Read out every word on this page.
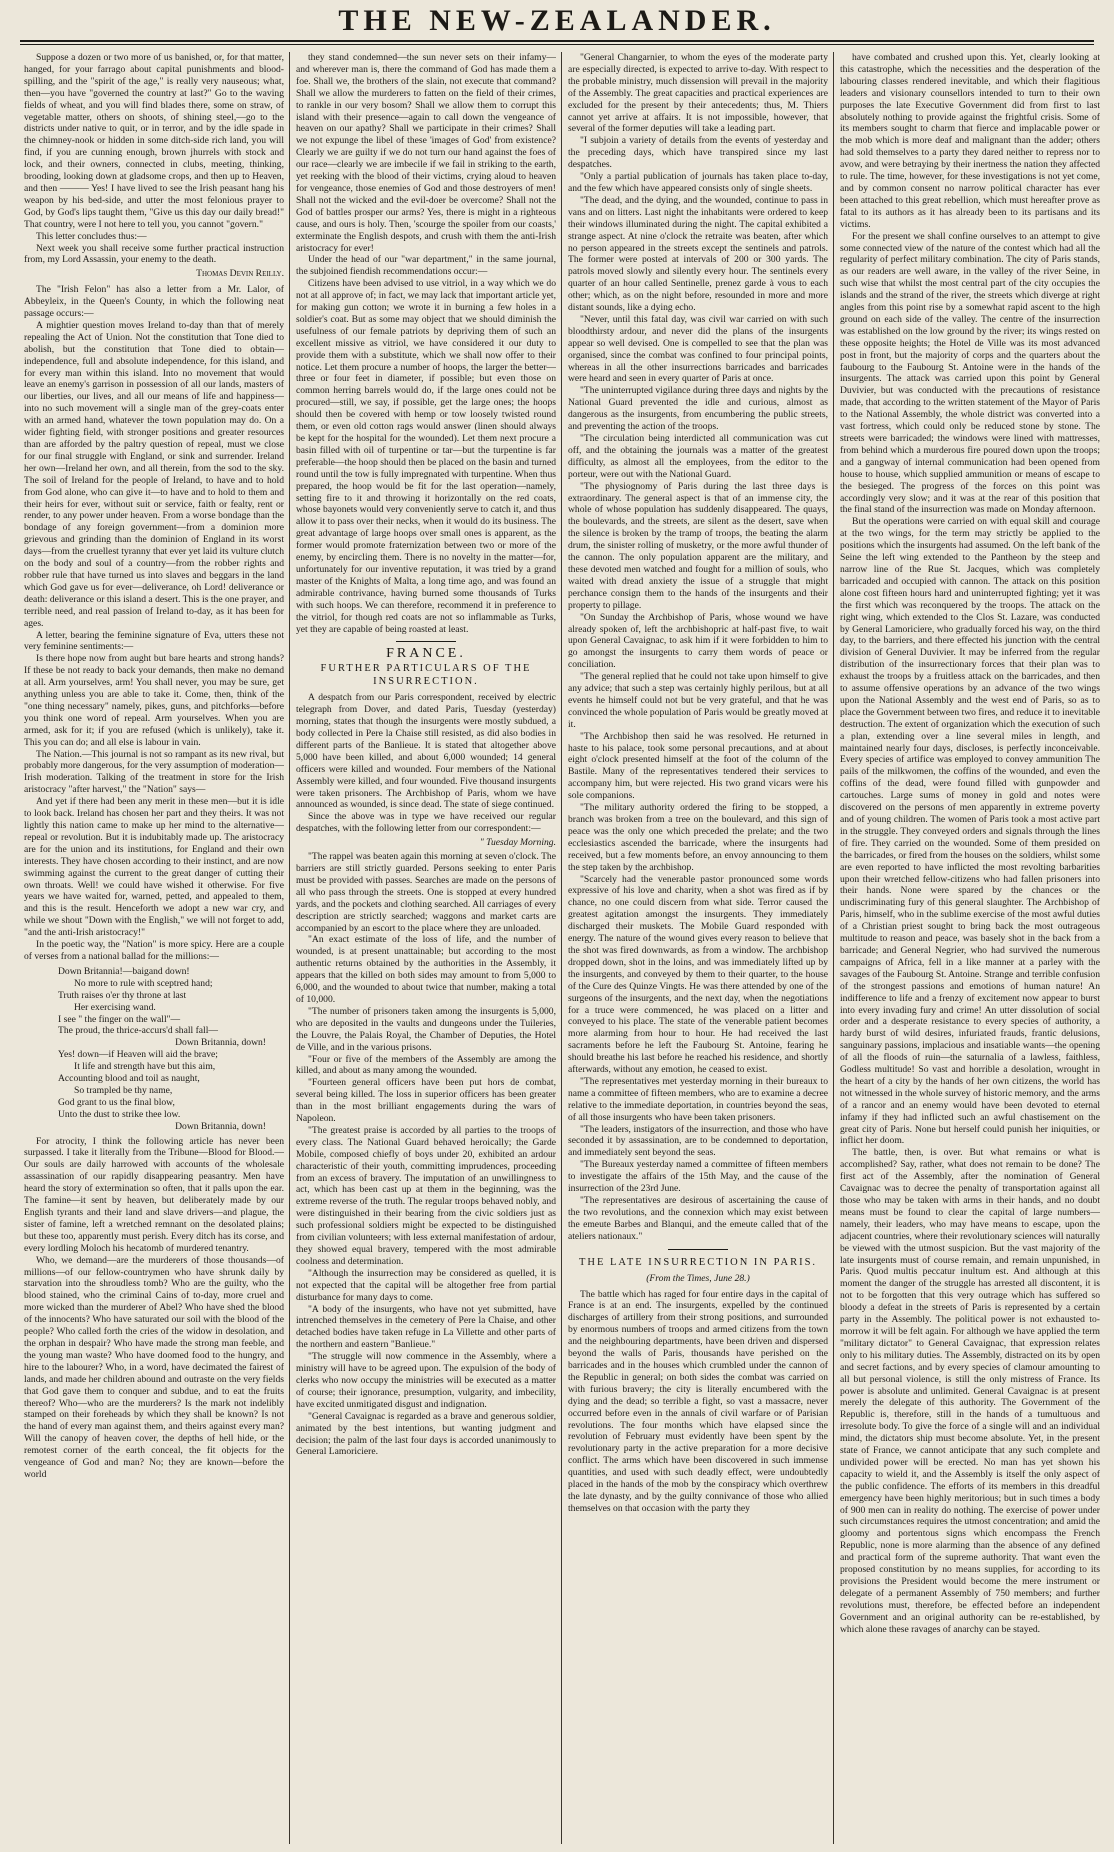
THE NEW-ZEALANDER.

Suppose a dozen or two more of us banished, or, for that matter, hanged, for your farrago about capital punishments and blood-spilling, and the "spirit of the age," is really very nauseous; what, then—you have "governed the country at last?" Go to the waving fields of wheat, and you will find blades there, some on straw, of vegetable matter, others on shoots, of shining steel,—go to the districts under native to quit, or in terror, and by the idle spade in the chimney-nook or hidden in some ditch-side rich land, you will find, if you are cunning enough, brown jhurrels with stock and lock, and their owners, connected in clubs, meeting, thinking, brooding, looking down at gladsome crops, and then up to Heaven, and then ——— Yes! I have lived to see the Irish peasant hang his weapon by his bed-side, and utter the most felonious prayer to God, by God's lips taught them, "Give us this day our daily bread!" That country, were I not here to tell you, you cannot "govern."

This letter concludes thus:—

Next week you shall receive some further practical instruction from, my Lord Assassin, your enemy to the death.

Thomas Devin Reilly.

The "Irish Felon" has also a letter from a Mr. Lalor, of Abbeyleix, in the Queen's County, in which the following neat passage occurs:—

A mightier question moves Ireland to-day than that of merely repealing the Act of Union. Not the constitution that Tone died to abolish, but the constitution that Tone died to obtain—independence, full and absolute independence, for this island, and for every man within this island. Into no movement that would leave an enemy's garrison in possession of all our lands, masters of our liberties, our lives, and all our means of life and happiness—into no such movement will a single man of the grey-coats enter with an armed hand, whatever the town population may do. On a wider fighting field, with stronger positions and greater resources than are afforded by the paltry question of repeal, must we close for our final struggle with England, or sink and surrender. Ireland her own—Ireland her own, and all therein, from the sod to the sky. The soil of Ireland for the people of Ireland, to have and to hold from God alone, who can give it—to have and to hold to them and their heirs for ever, without suit or service, faith or fealty, rent or render, to any power under heaven. From a worse bondage than the bondage of any foreign government—from a dominion more grievous and grinding than the dominion of England in its worst days—from the cruellest tyranny that ever yet laid its vulture clutch on the body and soul of a country—from the robber rights and robber rule that have turned us into slaves and beggars in the land which God gave us for ever—deliverance, oh Lord! deliverance or death: deliverance or this island a desert. This is the one prayer, and terrible need, and real passion of Ireland to-day, as it has been for ages.

A letter, bearing the feminine signature of Eva, utters these not very feminine sentiments:—

Is there hope now from aught but bare hearts and strong hands? If these be not ready to back your demands, then make no demand at all. Arm yourselves, arm! You shall never, you may be sure, get anything unless you are able to take it. Come, then, think of the "one thing necessary" namely, pikes, guns, and pitchforks—before you think one word of repeal. Arm yourselves. When you are armed, ask for it; if you are refused (which is unlikely), take it. This you can do; and all else is labour in vain.

The Nation.—This journal is not so rampant as its new rival, but probably more dangerous, for the very assumption of moderation—Irish moderation. Talking of the treatment in store for the Irish aristocracy "after harvest," the "Nation" says—

And yet if there had been any merit in these men—but it is idle to look back. Ireland has chosen her part and they theirs. It was not lightly this nation came to make up her mind to the alternative—repeal or revolution. But it is indubitably made up. The aristocracy are for the union and its institutions, for England and their own interests. They have chosen according to their instinct, and are now swimming against the current to the great danger of cutting their own throats. Well! we could have wished it otherwise. For five years we have waited for, warned, petted, and appealed to them, and this is the result. Henceforth we adopt a new war cry, and while we shout "Down with the English," we will not forget to add, "and the anti-Irish aristocracy!"

In the poetic way, the "Nation" is more spicy. Here are a couple of verses from a national ballad for the millions:—

Down Britannia!—baigand down!
No more to rule with sceptred hand;
Truth raises o'er thy throne at last
Her exercising wand.
I see " the finger on the wall"—
The proud, the thrice-accurs'd shall fall—
Down Britannia, down!
Yes! down—if Heaven will aid the brave;
It life and strength have but this aim,
Accounting blood and toil as naught,
So trampled be thy name,
God grant to us the final blow,
Unto the dust to strike thee low.
Down Britannia, down!

For atrocity, I think the following article has never been surpassed. I take it literally from the Tribune—Blood for Blood.—Our souls are daily harrowed with accounts of the wholesale assassination of our rapidly disappearing peasantry. Men have heard the story of extermination so often, that it palls upon the ear. The famine—it sent by heaven, but deliberately made by our English tyrants and their land and slave drivers—and plague, the sister of famine, left a wretched remnant on the desolated plains; but these too, apparently must perish. Every ditch has its corse, and every lordling Moloch his hecatomb of murdered tenantry.

Who, we demand—are the murderers of those thousands—of millions—of our fellow-countrymen who have shrunk daily by starvation into the shroudless tomb? Who are the guilty, who the blood stained, who the criminal Cains of to-day, more cruel and more wicked than the murderer of Abel? Who have shed the blood of the innocents? Who have saturated our soil with the blood of the people? Who called forth the cries of the widow in desolation, and the orphan in despair? Who have made the strong man feeble, and the young man waste? Who have doomed food to the hungry, and hire to the labourer? Who, in a word, have decimated the fairest of lands, and made her children abound and outraste on the very fields that God gave them to conquer and subdue, and to eat the fruits thereof? Who—who are the murderers? Is the mark not indelibly stamped on their foreheads by which they shall be known? Is not the hand of every man against them, and theirs against every man? Will the canopy of heaven cover, the depths of hell hide, or the remotest corner of the earth conceal, the fit objects for the vengeance of God and man? No; they are known—before the world

they stand condemned—the sun never sets on their infamy—and wherever man is, there the command of God has made them a foe. Shall we, the brothers of the slain, not execute that command? Shall we allow the murderers to fatten on the field of their crimes, to rankle in our very bosom? Shall we allow them to corrupt this island with their presence—again to call down the vengeance of heaven on our apathy? Shall we participate in their crimes? Shall we not expunge the libel of these 'images of God' from existence? Clearly we are guilty if we do not turn our hand against the foes of our race—clearly we are imbecile if we fail in striking to the earth, yet reeking with the blood of their victims, crying aloud to heaven for vengeance, those enemies of God and those destroyers of men! Shall not the wicked and the evil-doer be overcome? Shall not the God of battles prosper our arms? Yes, there is might in a righteous cause, and ours is holy. Then, 'scourge the spoiler from our coasts,' exterminate the English despots, and crush with them the anti-Irish aristocracy for ever!

Under the head of our "war department," in the same journal, the subjoined fiendish recommendations occur:—

Citizens have been advised to use vitriol, in a way which we do not at all approve of; in fact, we may lack that important article yet, for making gun cotton; we wrote it in burning a few holes in a soldier's coat. But as some may object that we should diminish the usefulness of our female patriots by depriving them of such an excellent missive as vitriol, we have considered it our duty to provide them with a substitute, which we shall now offer to their notice. Let them procure a number of hoops, the larger the better—three or four feet in diameter, if possible; but even those on common herring barrels would do, if the large ones could not be procured—still, we say, if possible, get the large ones; the hoops should then be covered with hemp or tow loosely twisted round them, or even old cotton rags would answer (linen should always be kept for the hospital for the wounded). Let them next procure a basin filled with oil of turpentine or tar—but the turpentine is far preferable—the hoop should then be placed on the basin and turned round until the tow is fully impregnated with turpentine. When thus prepared, the hoop would be fit for the last operation—namely, setting fire to it and throwing it horizontally on the red coats, whose bayonets would very conveniently serve to catch it, and thus allow it to pass over their necks, when it would do its business. The great advantage of large hoops over small ones is apparent, as the former would promote fraternization between two or more of the enemy, by encircling them. There is no novelty in the matter—for, unfortunately for our inventive reputation, it was tried by a grand master of the Knights of Malta, a long time ago, and was found an admirable contrivance, having burned some thousands of Turks with such hoops. We can therefore, recommend it in preference to the vitriol, for though red coats are not so inflammable as Turks, yet they are capable of being roasted at least.

FRANCE.

FURTHER PARTICULARS OF THE INSURRECTION.

A despatch from our Paris correspondent, received by electric telegraph from Dover, and dated Paris, Tuesday (yesterday) morning, states that though the insurgents were mostly subdued, a body collected in Pere la Chaise still resisted, as did also bodies in different parts of the Banlieue. It is stated that altogether above 5,000 have been killed, and about 6,000 wounded; 14 general officers were killed and wounded. Four members of the National Assembly were killed, and four wounded. Five thousand insurgents were taken prisoners. The Archbishop of Paris, whom we have announced as wounded, is since dead. The state of siege continued.

Since the above was in type we have received our regular despatches, with the following letter from our correspondent:—

" Tuesday Morning.

"The rappel was beaten again this morning at seven o'clock. The barriers are still strictly guarded. Persons seeking to enter Paris must be provided with passes. Searches are made on the persons of all who pass through the streets. One is stopped at every hundred yards, and the pockets and clothing searched. All carriages of every description are strictly searched; waggons and market carts are accompanied by an escort to the place where they are unloaded.

"An exact estimate of the loss of life, and the number of wounded, is at present unattainable; but according to the most authentic returns obtained by the authorities in the Assembly, it appears that the killed on both sides may amount to from 5,000 to 6,000, and the wounded to about twice that number, making a total of 10,000.

"The number of prisoners taken among the insurgents is 5,000, who are deposited in the vaults and dungeons under the Tuileries, the Louvre, the Palais Royal, the Chamber of Deputies, the Hotel de Ville, and in the various prisons.

"Four or five of the members of the Assembly are among the killed, and about as many among the wounded.

"Fourteen general officers have been put hors de combat, several being killed. The loss in superior officers has been greater than in the most brilliant engagements during the wars of Napoleon.

"The greatest praise is accorded by all parties to the troops of every class. The National Guard behaved heroically; the Garde Mobile, composed chiefly of boys under 20, exhibited an ardour characteristic of their youth, committing imprudences, proceeding from an excess of bravery. The imputation of an unwillingness to act, which has been cast up at them in the beginning, was the extreme reverse of the truth. The regular troops behaved nobly, and were distinguished in their bearing from the civic soldiers just as such professional soldiers might be expected to be distinguished from civilian volunteers; with less external manifestation of ardour, they showed equal bravery, tempered with the most admirable coolness and determination.

"Although the insurrection may be considered as quelled, it is not expected that the capital will be altogether free from partial disturbance for many days to come.

"A body of the insurgents, who have not yet submitted, have intrenched themselves in the cemetery of Pere la Chaise, and other detached bodies have taken refuge in La Villette and other parts of the northern and eastern "Banlieue."

"The struggle will now commence in the Assembly, where a ministry will have to be agreed upon. The expulsion of the body of clerks who now occupy the ministries will be executed as a matter of course; their ignorance, presumption, vulgarity, and imbecility, have excited unmitigated disgust and indignation.

"General Cavaignac is regarded as a brave and generous soldier, animated by the best intentions, but wanting judgment and decision; the palm of the last four days is accorded unanimously to General Lamoriciere.

"General Changarnier, to whom the eyes of the moderate party are especially directed, is expected to arrive to-day. With respect to the probable ministry, much dissension will prevail in the majority of the Assembly. The great capacities and practical experiences are excluded for the present by their antecedents; thus, M. Thiers cannot yet arrive at affairs. It is not impossible, however, that several of the former deputies will take a leading part.

"I subjoin a variety of details from the events of yesterday and the preceding days, which have transpired since my last despatches.

"Only a partial publication of journals has taken place to-day, and the few which have appeared consists only of single sheets.

"The dead, and the dying, and the wounded, continue to pass in vans and on litters. Last night the inhabitants were ordered to keep their windows illuminated during the night. The capital exhibited a strange aspect. At nine o'clock the retraite was beaten, after which no person appeared in the streets except the sentinels and patrols. The former were posted at intervals of 200 or 300 yards. The patrols moved slowly and silently every hour. The sentinels every quarter of an hour called Sentinelle, prenez garde à vous to each other; which, as on the night before, resounded in more and more distant sounds, like a dying echo.

"Never, until this fatal day, was civil war carried on with such bloodthirsty ardour, and never did the plans of the insurgents appear so well devised. One is compelled to see that the plan was organised, since the combat was confined to four principal points, whereas in all the other insurrections barricades and barricades were heard and seen in every quarter of Paris at once.

"The uninterrupted vigilance during three days and nights by the National Guard prevented the idle and curious, almost as dangerous as the insurgents, from encumbering the public streets, and preventing the action of the troops.

"The circulation being interdicted all communication was cut off, and the obtaining the journals was a matter of the greatest difficulty, as almost all the employees, from the editor to the porteur, were out with the National Guard.

"The physiognomy of Paris during the last three days is extraordinary. The general aspect is that of an immense city, the whole of whose population has suddenly disappeared. The quays, the boulevards, and the streets, are silent as the desert, save when the silence is broken by the tramp of troops, the beating the alarm drum, the sinister rolling of musketry, or the more awful thunder of the cannon. The only population apparent are the military, and these devoted men watched and fought for a million of souls, who waited with dread anxiety the issue of a struggle that might perchance consign them to the hands of the insurgents and their property to pillage.

"On Sunday the Archbishop of Paris, whose wound we have already spoken of, left the archbishopric at half-past five, to wait upon General Cavaignac, to ask him if it were forbidden to him to go amongst the insurgents to carry them words of peace or conciliation.

"The general replied that he could not take upon himself to give any advice; that such a step was certainly highly perilous, but at all events he himself could not but be very grateful, and that he was convinced the whole population of Paris would be greatly moved at it.

"The Archbishop then said he was resolved. He returned in haste to his palace, took some personal precautions, and at about eight o'clock presented himself at the foot of the column of the Bastile. Many of the representatives tendered their services to accompany him, but were rejected. His two grand vicars were his sole companions.

"The military authority ordered the firing to be stopped, a branch was broken from a tree on the boulevard, and this sign of peace was the only one which preceded the prelate; and the two ecclesiastics ascended the barricade, where the insurgents had received, but a few moments before, an envoy announcing to them the step taken by the archbishop.

"Scarcely had the venerable pastor pronounced some words expressive of his love and charity, when a shot was fired as if by chance, no one could discern from what side. Terror caused the greatest agitation amongst the insurgents. They immediately discharged their muskets. The Mobile Guard responded with energy. The nature of the wound gives every reason to believe that the shot was fired downwards, as from a window. The archbishop dropped down, shot in the loins, and was immediately lifted up by the insurgents, and conveyed by them to their quarter, to the house of the Cure des Quinze Vingts. He was there attended by one of the surgeons of the insurgents, and the next day, when the negotiations for a truce were commenced, he was placed on a litter and conveyed to his place. The state of the venerable patient becomes more alarming from hour to hour. He had received the last sacraments before he left the Faubourg St. Antoine, fearing he should breathe his last before he reached his residence, and shortly afterwards, without any emotion, he ceased to exist.

"The representatives met yesterday morning in their bureaux to name a committee of fifteen members, who are to examine a decree relative to the immediate deportation, in countries beyond the seas, of all those insurgents who have been taken prisoners.

"The leaders, instigators of the insurrection, and those who have seconded it by assassination, are to be condemned to deportation, and immediately sent beyond the seas.

"The Bureaux yesterday named a committee of fifteen members to investigate the affairs of the 15th May, and the cause of the insurrection of the 23rd June.

"The representatives are desirous of ascertaining the cause of the two revolutions, and the connexion which may exist between the emeute Barbes and Blanqui, and the emeute called that of the ateliers nationaux."

THE LATE INSURRECTION IN PARIS.

(From the Times, June 28.)

The battle which has raged for four entire days in the capital of France is at an end. The insurgents, expelled by the continued discharges of artillery from their strong positions, and surrounded by enormous numbers of troops and armed citizens from the town and the neighbouring departments, have been driven and dispersed beyond the walls of Paris, thousands have perished on the barricades and in the houses which crumbled under the cannon of the Republic in general; on both sides the combat was carried on with furious bravery; the city is literally encumbered with the dying and the dead; so terrible a fight, so vast a massacre, never occurred before even in the annals of civil warfare or of Parisian revolutions. The four months which have elapsed since the revolution of February must evidently have been spent by the revolutionary party in the active preparation for a more decisive conflict. The arms which have been discovered in such immense quantities, and used with such deadly effect, were undoubtedly placed in the hands of the mob by the conspiracy which overthrew the late dynasty, and by the guilty connivance of those who allied themselves on that occasion with the party they

have combated and crushed upon this. Yet, clearly looking at this catastrophe, which the necessities and the desperation of the labouring classes rendered inevitable, and which their flagitious leaders and visionary counsellors intended to turn to their own purposes the late Executive Government did from first to last absolutely nothing to provide against the frightful crisis. Some of its members sought to charm that fierce and implacable power or the mob which is more deaf and malignant than the adder; others had sold themselves to a party they dared neither to repress nor to avow, and were betraying by their inertness the nation they affected to rule. The time, however, for these investigations is not yet come, and by common consent no narrow political character has ever been attached to this great rebellion, which must hereafter prove as fatal to its authors as it has already been to its partisans and its victims.

For the present we shall confine ourselves to an attempt to give some connected view of the nature of the contest which had all the regularity of perfect military combination. The city of Paris stands, as our readers are well aware, in the valley of the river Seine, in such wise that whilst the most central part of the city occupies the islands and the strand of the river, the streets which diverge at right angles from this point rise by a somewhat rapid ascent to the high ground on each side of the valley. The centre of the insurrection was established on the low ground by the river; its wings rested on these opposite heights; the Hotel de Ville was its most advanced post in front, but the majority of corps and the quarters about the faubourg to the Faubourg St. Antoine were in the hands of the insurgents. The attack was carried upon this point by General Duvivier, but was conducted with the precautions of resistance made, that according to the written statement of the Mayor of Paris to the National Assembly, the whole district was converted into a vast fortress, which could only be reduced stone by stone. The streets were barricaded; the windows were lined with mattresses, from behind which a murderous fire poured down upon the troops; and a gangway of internal communication had been opened from house to house, which supplied ammunition or means of escape to the besieged. The progress of the forces on this point was accordingly very slow; and it was at the rear of this position that the final stand of the insurrection was made on Monday afternoon.

But the operations were carried on with equal skill and courage at the two wings, for the term may strictly be applied to the positions which the insurgents had assumed. On the left bank of the Seine the left wing extended to the Pantheon by the steep and narrow line of the Rue St. Jacques, which was completely barricaded and occupied with cannon. The attack on this position alone cost fifteen hours hard and uninterrupted fighting; yet it was the first which was reconquered by the troops. The attack on the right wing, which extended to the Clos St. Lazare, was conducted by General Lamoriciere, who gradually forced his way, on the third day, to the barriers, and there effected his junction with the central division of General Duvivier. It may be inferred from the regular distribution of the insurrectionary forces that their plan was to exhaust the troops by a fruitless attack on the barricades, and then to assume offensive operations by an advance of the two wings upon the National Assembly and the west end of Paris, so as to place the Government between two fires, and reduce it to inevitable destruction. The extent of organization which the execution of such a plan, extending over a line several miles in length, and maintained nearly four days, discloses, is perfectly inconceivable. Every species of artifice was employed to convey ammunition The pails of the milkwomen, the coffins of the wounded, and even the coffins of the dead, were found filled with gunpowder and cartouches. Large sums of money in gold and notes were discovered on the persons of men apparently in extreme poverty and of young children. The women of Paris took a most active part in the struggle. They conveyed orders and signals through the lines of fire. They carried on the wounded. Some of them presided on the barricades, or fired from the houses on the soldiers, whilst some are even reported to have inflicted the most revolting barbarities upon their wretched fellow-citizens who had fallen prisoners into their hands. None were spared by the chances or the undiscriminating fury of this general slaughter. The Archbishop of Paris, himself, who in the sublime exercise of the most awful duties of a Christian priest sought to bring back the most outrageous multitude to reason and peace, was basely shot in the back from a barricade; and General Negrier, who had survived the numerous campaigns of Africa, fell in a like manner at a parley with the savages of the Faubourg St. Antoine. Strange and terrible confusion of the strongest passions and emotions of human nature! An indifference to life and a frenzy of excitement now appear to burst into every invading fury and crime! An utter dissolution of social order and a desperate resistance to every species of authority, a hardy burst of wild desires, infuriated frauds, frantic delusions, sanguinary passions, implacious and insatiable wants—the opening of all the floods of ruin—the saturnalia of a lawless, faithless, Godless multitude! So vast and horrible a desolation, wrought in the heart of a city by the hands of her own citizens, the world has not witnessed in the whole survey of historic memory, and the arms of a rancor and an enemy would have been devoted to eternal infamy if they had inflicted such an awful chastisement on the great city of Paris. None but herself could punish her iniquities, or inflict her doom.

The battle, then, is over. But what remains or what is accomplished? Say, rather, what does not remain to be done? The first act of the Assembly, after the nomination of General Cavaignac was to decree the penalty of transportation against all those who may be taken with arms in their hands, and no doubt means must be found to clear the capital of large numbers—namely, their leaders, who may have means to escape, upon the adjacent countries, where their revolutionary sciences will naturally be viewed with the utmost suspicion. But the vast majority of the late insurgents must of course remain, and remain unpunished, in Paris. Quod multis peccatur inultum est. And although at this moment the danger of the struggle has arrested all discontent, it is not to be forgotten that this very outrage which has suffered so bloody a defeat in the streets of Paris is represented by a certain party in the Assembly. The political power is not exhausted to-morrow it will be felt again. For although we have applied the term "military dictator" to General Cavaignac, that expression relates only to his military duties. The Assembly, distracted on its by open and secret factions, and by every species of clamour amounting to all but personal violence, is still the only mistress of France. Its power is absolute and unlimited. General Cavaignac is at present merely the delegate of this authority. The Government of the Republic is, therefore, still in the hands of a tumultuous and irresolute body. To give the force of a single will and an individual mind, the dictators ship must become absolute. Yet, in the present state of France, we cannot anticipate that any such complete and undivided power will be erected. No man has yet shown his capacity to wield it, and the Assembly is itself the only aspect of the public confidence. The efforts of its members in this dreadful emergency have been highly meritorious; but in such times a body of 900 men can in reality do nothing. The exercise of power under such circumstances requires the utmost concentration; and amid the gloomy and portentous signs which encompass the French Republic, none is more alarming than the absence of any defined and practical form of the supreme authority. That want even the proposed constitution by no means supplies, for according to its provisions the President would become the mere instrument or delegate of a permanent Assembly of 750 members; and further revolutions must, therefore, be effected before an independent Government and an original authority can be re-established, by which alone these ravages of anarchy can be stayed.
